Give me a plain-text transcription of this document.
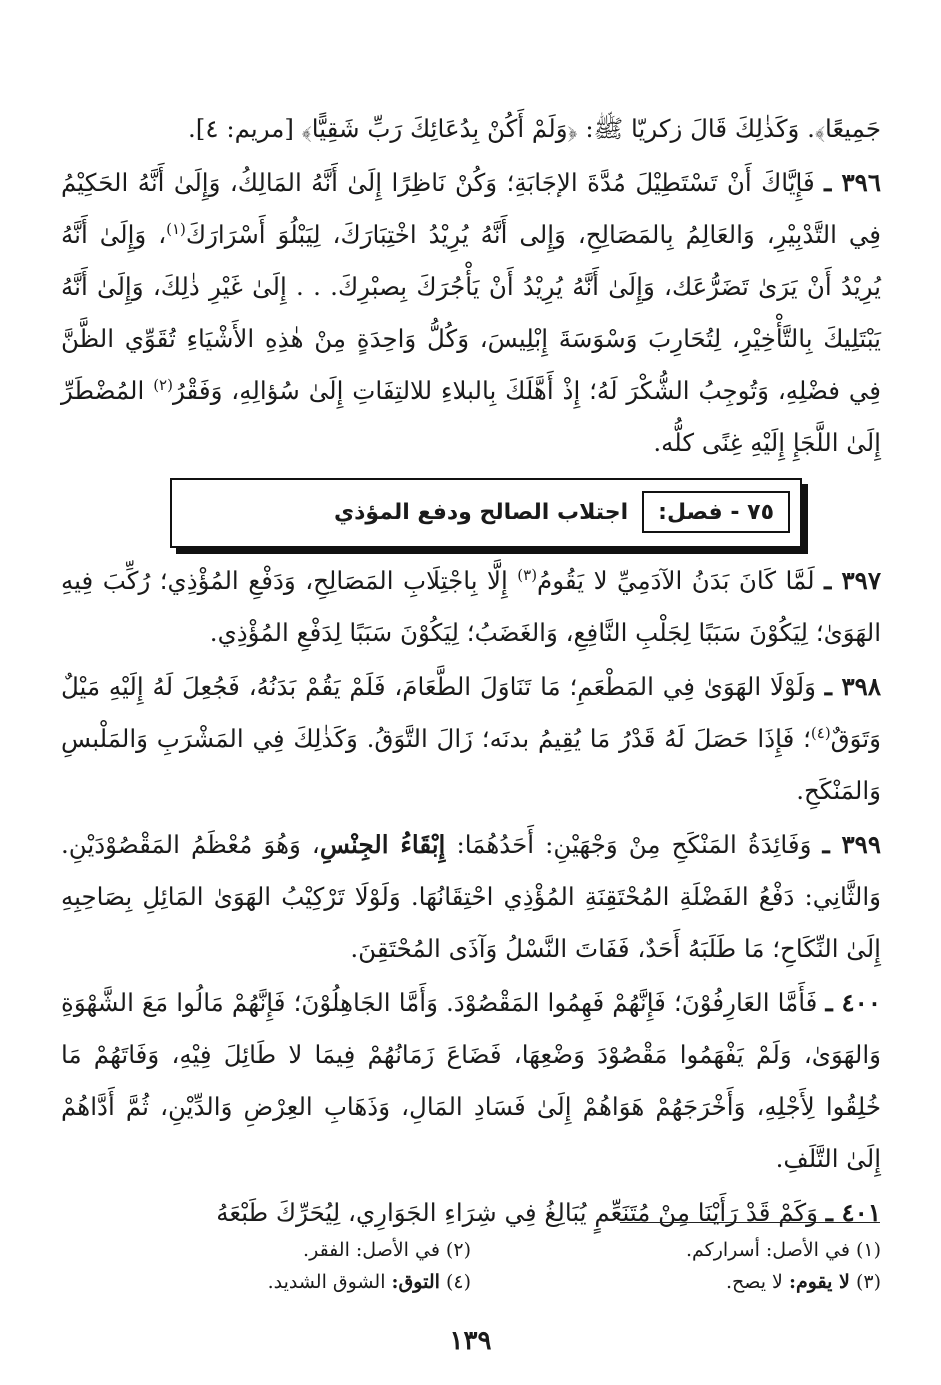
جَمِيعًا﴾. وَكَذٰلِكَ قَالَ زكريّا ﷺ: ﴿وَلَمْ أَكُنْ بِدُعَائِكَ رَبِّ شَقِيًّا﴾ [مريم: ٤].

٣٩٦ ـ فَإِيَّاكَ أَنْ تَسْتَطِيْلَ مُدَّةَ الإجَابَةِ؛ وَكُنْ نَاظِرًا إِلَىٰ أَنَّهُ المَالِكُ، وَإِلَىٰ أَنَّهُ الحَكِيْمُ فِي التَّدْبِيْرِ، وَالعَالِمُ بِالمَصَالِحِ، وَإِلى أَنَّهُ يُرِيْدُ اخْتِبَارَكَ، لِيَبْلُوَ أَسْرَارَكَ$^{(١)}$، وَإِلَىٰ أَنَّهُ يُرِيْدُ أَنْ يَرَىٰ تَضَرُّعَك، وَإِلَىٰ أَنَّهُ يُرِيْدُ أَنْ يَأْجُرَكَ بِصبْرِكَ. . . إِلَىٰ غَيْرِ ذٰلِكَ، وَإِلَىٰ أَنَّهُ يَبْتَلِيكَ بِالتَّأْخِيْرِ، لِتُحَارِبَ وَسْوَسَةَ إِبْلِيسَ، وَكُلُّ وَاحِدَةٍ مِنْ هٰذِهِ الأَشْيَاءِ تُقَوِّي الظَّنَّ فِي فضْلِهِ، وَتُوجِبُ الشُّكْرَ لَهُ؛ إِذْ أَهَّلَكَ بِالبلاءِ للالتِفَاتِ إِلَىٰ سُؤالِهِ، وَفَقْرُ$^{(٢)}$ المُضْطَرِّ إِلَىٰ اللَّجَإِ إِلَيْهِ غِنًى كلُّه.

٧٥ - فصل:
اجتلاب الصالح ودفع المؤذي

٣٩٧ ـ لَمَّا كَانَ بَدَنُ الآدَمِيِّ لا يَقُومُ$^{(٣)}$ إِلَّا بِاجْتِلَابِ المَصَالِحِ، وَدَفْعِ المُؤْذِي؛ رُكِّبَ فِيهِ الهَوَىٰ؛ لِيَكُوْنَ سَبَبًا لِجَلْبِ النَّافِعِ، وَالغَضَبُ؛ لِيَكُوْنَ سَبَبًا لِدَفْعِ المُؤْذِي.

٣٩٨ ـ وَلَوْلَا الهَوَىٰ فِي المَطْعَمِ؛ مَا تَنَاوَلَ الطَّعَامَ، فَلَمْ يَقُمْ بَدَنُهُ، فَجُعِلَ لَهُ إِلَيْهِ مَيْلٌ وَتَوَقٌ$^{(٤)}$؛ فَإِذَا حَصَلَ لَهُ قَدْرُ مَا يُقِيمُ بدنَه؛ زَالَ التَّوَقُ. وَكَذٰلِكَ فِي المَشْرَبِ وَالمَلْبسِ وَالمَنْكَحِ.

٣٩٩ ـ وَفَائِدَةُ المَنْكَحِ مِنْ وَجْهَيْنِ: أَحَدُهُمَا: إِبْقَاءُ الجِنْسِ، وَهُوَ مُعْظَمُ المَقْصُوْدَيْنِ. وَالثَّانِي: دَفْعُ الفَضْلَةِ المُحْتَقِنَةِ المُؤْذِي احْتِقَانُهَا. وَلَوْلَا تَرْكِيْبُ الهَوَىٰ المَائِلِ بِصَاحِبِهِ إِلَىٰ النِّكَاحِ؛ مَا طَلَبَهُ أَحَدٌ، فَفَاتَ النَّسْلُ وَآذَى المُحْتَقِنَ.

٤٠٠ ـ فَأَمَّا العَارِفُوْنَ؛ فَإِنَّهُمْ فَهِمُوا المَقْصُوْدَ. وَأَمَّا الجَاهِلُوْنَ؛ فَإِنَّهُمْ مَالُوا مَعَ الشَّهْوَةِ وَالهَوَىٰ، وَلَمْ يَفْهَمُوا مَقْصُوْدَ وَضْعِهَا، فَضَاعَ زَمَانُهُمْ فِيمَا لا طَائِلَ فِيْهِ، وَفَاتَهُمْ مَا خُلِقُوا لِأَجْلِهِ، وَأَخْرَجَهُمْ هَوَاهُمْ إِلَىٰ فَسَادِ المَالِ، وَذَهَابِ العِرْضِ وَالدِّيْنِ، ثُمَّ أَدَّاهُمْ إِلَىٰ التَّلَفِ.

٤٠١ ـ وَكَمْ قَدْ رَأَيْنَا مِنْ مُتَنَعِّمٍ يُبَالِغُ فِي شِرَاءِ الجَوَارِي، لِيُحَرِّكَ طَبْعَهُ

(١) في الأصل: أسراركم.
(٢) في الأصل: الفقر.
(٣) لا يقوم: لا يصح.
(٤) التوق: الشوق الشديد.
١٣٩
